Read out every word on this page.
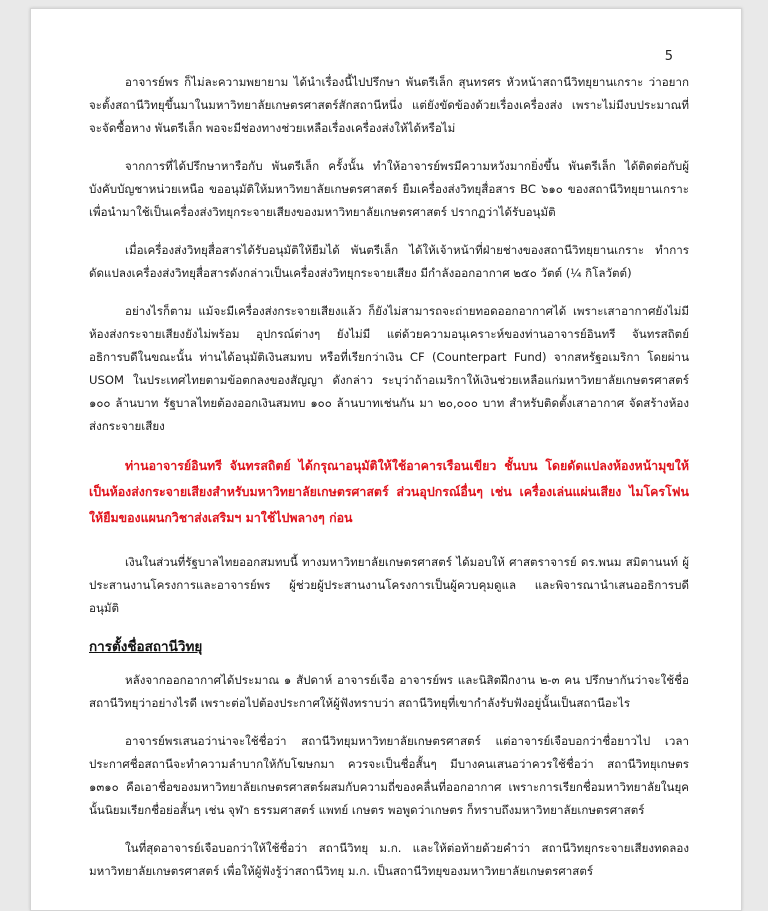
5

อาจารย์พร ก็ไม่ละความพยายาม ได้นำเรื่องนี้ไปปรึกษา พันตรีเล็ก สุนทรศร หัวหน้าสถานีวิทยุยานเกราะ ว่าอยากจะตั้งสถานีวิทยุขึ้นมาในมหาวิทยาลัยเกษตรศาสตร์สักสถานีหนึ่ง แต่ยังขัดข้องด้วยเรื่องเครื่องส่ง เพราะไม่มีงบประมาณที่จะจัดซื้อหาง พันตรีเล็ก พอจะมีช่องทางช่วยเหลือเรื่องเครื่องส่งให้ได้หรือไม่

จากการที่ได้ปรึกษาหารือกับ พันตรีเล็ก ครั้งนั้น ทำให้อาจารย์พรมีความหวังมากยิ่งขึ้น พันตรีเล็ก ได้ติดต่อกับผู้บังคับบัญชาหน่วยเหนือ ขออนุมัติให้มหาวิทยาลัยเกษตรศาสตร์ ยืมเครื่องส่งวิทยุสื่อสาร BC ๖๑๐ ของสถานีวิทยุยานเกราะ เพื่อนำมาใช้เป็นเครื่องส่งวิทยุกระจายเสียงของมหาวิทยาลัยเกษตรศาสตร์ ปรากฏว่าได้รับอนุมัติ

เมื่อเครื่องส่งวิทยุสื่อสารได้รับอนุมัติให้ยืมได้ พันตรีเล็ก ได้ให้เจ้าหน้าที่ฝ่ายช่างของสถานีวิทยุยานเกราะ ทำการดัดแปลงเครื่องส่งวิทยุสื่อสารดังกล่าวเป็นเครื่องส่งวิทยุกระจายเสียง มีกำลังออกอากาศ ๒๕๐ วัตต์ (¼ กิโลวัตต์)

อย่างไรก็ตาม แม้จะมีเครื่องส่งกระจายเสียงแล้ว ก็ยังไม่สามารถจะถ่ายทอดออกอากาศได้ เพราะเสาอากาศยังไม่มี ห้องส่งกระจายเสียงยังไม่พร้อม อุปกรณ์ต่างๆ ยังไม่มี แต่ด้วยความอนุเคราะห์ของท่านอาจารย์อินทรี จันทรสถิตย์ อธิการบดีในขณะนั้น ท่านได้อนุมัติเงินสมทบ หรือที่เรียกว่าเงิน CF (Counterpart Fund) จากสหรัฐอเมริกา โดยผ่าน USOM ในประเทศไทยตามข้อตกลงของสัญญา ดังกล่าว ระบุว่าถ้าอเมริกาให้เงินช่วยเหลือแก่มหาวิทยาลัยเกษตรศาสตร์ ๑๐๐ ล้านบาท รัฐบาลไทยต้องออกเงินสมทบ ๑๐๐ ล้านบาทเช่นกัน มา ๒๐,๐๐๐ บาท สำหรับติดตั้งเสาอากาศ จัดสร้างห้องส่งกระจายเสียง

ท่านอาจารย์อินทรี จันทรสถิตย์ ได้กรุณาอนุมัติให้ใช้อาคารเรือนเขียว ชั้นบน โดยดัดแปลงห้องหน้ามุขให้เป็นห้องส่งกระจายเสียงสำหรับมหาวิทยาลัยเกษตรศาสตร์ ส่วนอุปกรณ์อื่นๆ เช่น เครื่องเล่นแผ่นเสียง ไมโครโฟน ให้ยืมของแผนกวิชาส่งเสริมฯ มาใช้ไปพลางๆ ก่อน

เงินในส่วนที่รัฐบาลไทยออกสมทบนี้ ทางมหาวิทยาลัยเกษตรศาสตร์ ได้มอบให้ ศาสตราจารย์ ดร.พนม สมิตานนท์ ผู้ประสานงานโครงการและอาจารย์พร ผู้ช่วยผู้ประสานงานโครงการเป็นผู้ควบคุมดูแล และพิจารณานำเสนออธิการบดีอนุมัติ

การตั้งชื่อสถานีวิทยุ

หลังจากออกอากาศได้ประมาณ ๑ สัปดาห์ อาจารย์เจือ อาจารย์พร และนิสิตฝึกงาน ๒-๓ คน ปรึกษากันว่าจะใช้ชื่อสถานีวิทยุว่าอย่างไรดี เพราะต่อไปต้องประกาศให้ผู้ฟังทราบว่า สถานีวิทยุที่เขากำลังรับฟังอยู่นั้นเป็นสถานีอะไร

อาจารย์พรเสนอว่าน่าจะใช้ชื่อว่า สถานีวิทยุมหาวิทยาลัยเกษตรศาสตร์ แต่อาจารย์เจือบอกว่าชื่อยาวไป เวลาประกาศชื่อสถานีจะทำความลำบากให้กับโฆษกมา ควรจะเป็นชื่อสั้นๆ มีบางคนเสนอว่าควรใช้ชื่อว่า สถานีวิทยุเกษตร ๑๓๑๐ คือเอาชื่อของมหาวิทยาลัยเกษตรศาสตร์ผสมกับความถี่ของคลื่นที่ออกอากาศ เพราะการเรียกชื่อมหาวิทยาลัยในยุคนั้นนิยมเรียกชื่อย่อสั้นๆ เช่น จุฬา ธรรมศาสตร์ แพทย์ เกษตร พอพูดว่าเกษตร ก็ทราบถึงมหาวิทยาลัยเกษตรศาสตร์

ในที่สุดอาจารย์เจือบอกว่าให้ใช้ชื่อว่า สถานีวิทยุ ม.ก. และให้ต่อท้ายด้วยคำว่า สถานีวิทยุกระจายเสียงทดลองมหาวิทยาลัยเกษตรศาสตร์ เพื่อให้ผู้ฟังรู้ว่าสถานีวิทยุ ม.ก. เป็นสถานีวิทยุของมหาวิทยาลัยเกษตรศาสตร์
